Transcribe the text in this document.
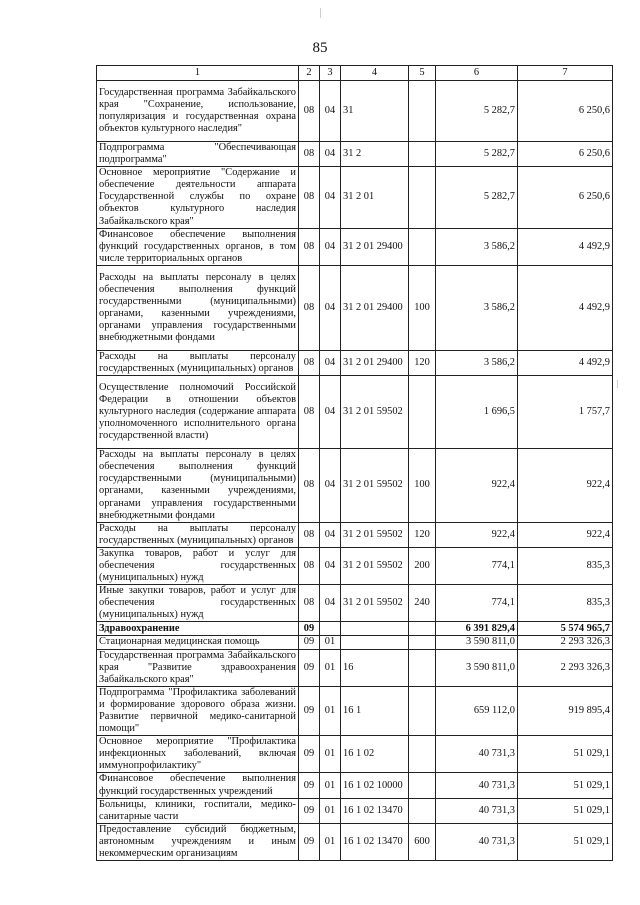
85
1	2	3	4	5	6	7
Государственная программа Забайкальского края "Сохранение, использование, популяризация и государственная охрана объектов культурного наследия"	08	04	31		5 282,7	6 250,6
Подпрограмма "Обеспечивающая подпрограмма"	08	04	31 2		5 282,7	6 250,6
Основное мероприятие "Содержание и обеспечение деятельности аппарата Государственной службы по охране объектов культурного наследия Забайкальского края"	08	04	31 2 01		5 282,7	6 250,6
Финансовое обеспечение выполнения функций государственных органов, в том числе территориальных органов	08	04	31 2 01 29400		3 586,2	4 492,9
Расходы на выплаты персоналу в целях обеспечения выполнения функций государственными (муниципальными) органами, казенными учреждениями, органами управления государственными внебюджетными фондами	08	04	31 2 01 29400	100	3 586,2	4 492,9
Расходы на выплаты персоналу государственных (муниципальных) органов	08	04	31 2 01 29400	120	3 586,2	4 492,9
Осуществление полномочий Российской Федерации в отношении объектов культурного наследия (содержание аппарата уполномоченного исполнительного органа государственной власти)	08	04	31 2 01 59502		1 696,5	1 757,7
Расходы на выплаты персоналу в целях обеспечения выполнения функций государственными (муниципальными) органами, казенными учреждениями, органами управления государственными внебюджетными фондами	08	04	31 2 01 59502	100	922,4	922,4
Расходы на выплаты персоналу государственных (муниципальных) органов	08	04	31 2 01 59502	120	922,4	922,4
Закупка товаров, работ и услуг для обеспечения государственных (муниципальных) нужд	08	04	31 2 01 59502	200	774,1	835,3
Иные закупки товаров, работ и услуг для обеспечения государственных (муниципальных) нужд	08	04	31 2 01 59502	240	774,1	835,3
Здравоохранение	09				6 391 829,4	5 574 965,7
Стационарная медицинская помощь	09	01			3 590 811,0	2 293 326,3
Государственная программа Забайкальского края "Развитие здравоохранения Забайкальского края"	09	01	16		3 590 811,0	2 293 326,3
Подпрограмма "Профилактика заболеваний и формирование здорового образа жизни. Развитие первичной медико-санитарной помощи"	09	01	16 1		659 112,0	919 895,4
Основное мероприятие "Профилактика инфекционных заболеваний, включая иммунопрофилактику"	09	01	16 1 02		40 731,3	51 029,1
Финансовое обеспечение выполнения функций государственных учреждений	09	01	16 1 02 10000		40 731,3	51 029,1
Больницы, клиники, госпитали, медико-санитарные части	09	01	16 1 02 13470		40 731,3	51 029,1
Предоставление субсидий бюджетным, автономным учреждениям и иным некоммерческим организациям	09	01	16 1 02 13470	600	40 731,3	51 029,1
